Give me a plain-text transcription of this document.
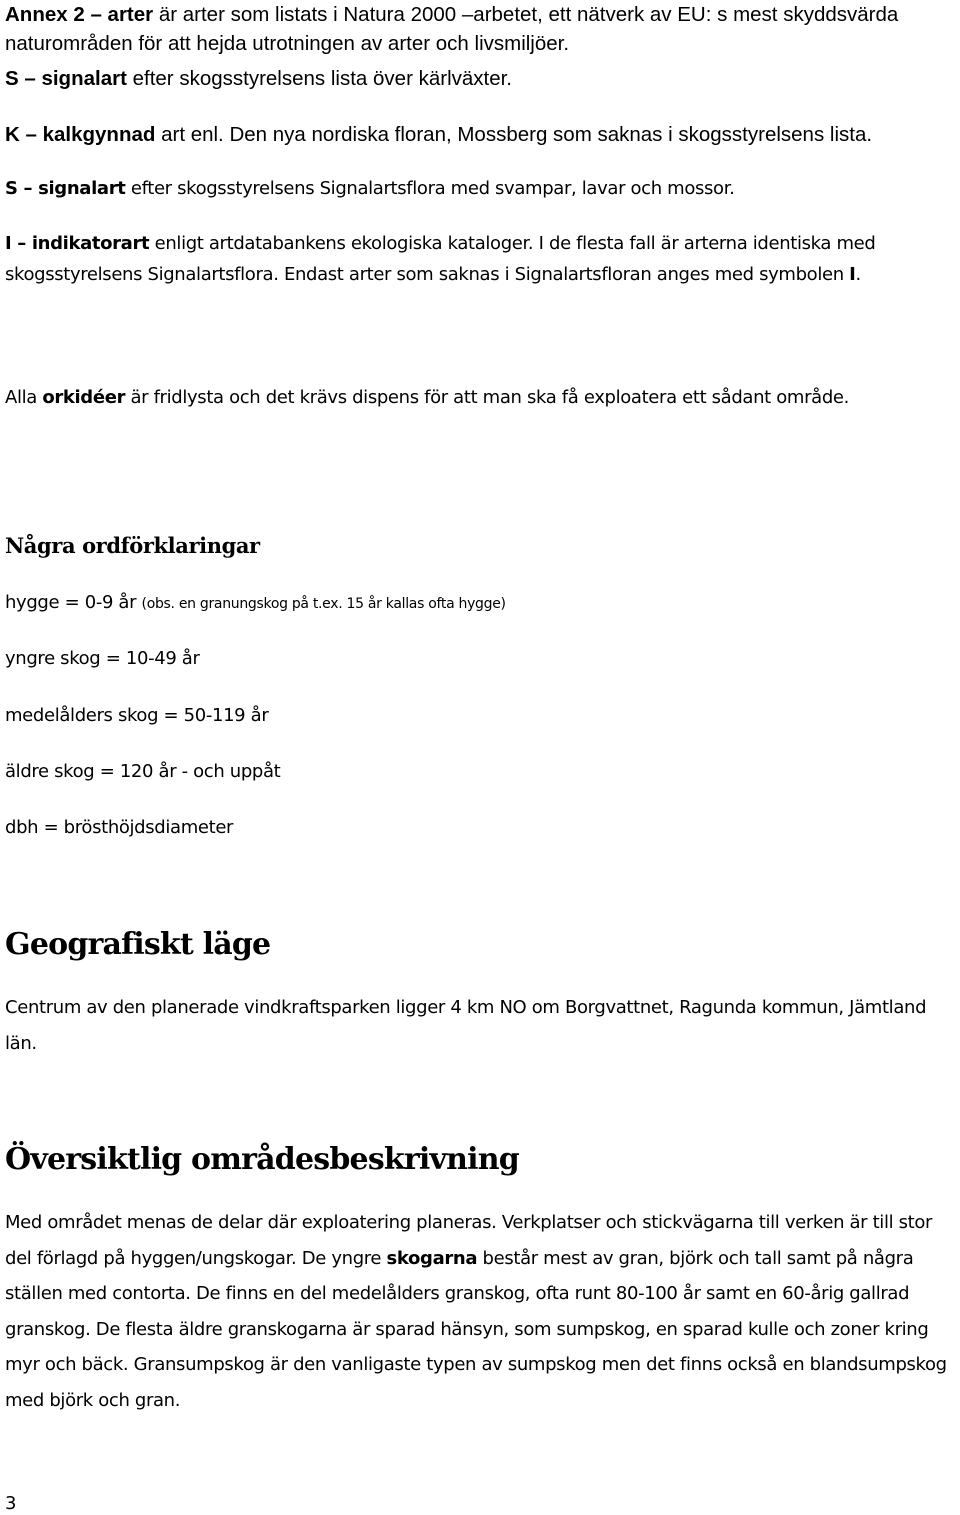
Annex 2 – arter är arter som listats i Natura 2000 –arbetet, ett nätverk av EU: s mest skyddsvärda naturområden för att hejda utrotningen av arter och livsmiljöer.

S – signalart efter skogsstyrelsens lista över kärlväxter.

K – kalkgynnad art enl. Den nya nordiska floran, Mossberg som saknas i skogsstyrelsens lista.

S – signalart efter skogsstyrelsens Signalartsflora med svampar, lavar och mossor.

I – indikatorart enligt artdatabankens ekologiska kataloger. I de flesta fall är arterna identiska med skogsstyrelsens Signalartsflora. Endast arter som saknas i Signalartsfloran anges med symbolen I.

Alla orkidéer är fridlysta och det krävs dispens för att man ska få exploatera ett sådant område.

Några ordförklaringar

hygge = 0-9 år (obs. en granungskog på t.ex. 15 år kallas ofta hygge)

yngre skog = 10-49 år

medelålders skog = 50-119 år

äldre skog = 120 år - och uppåt

dbh = brösthöjdsdiameter

Geografiskt läge

Centrum av den planerade vindkraftsparken ligger 4 km NO om Borgvattnet, Ragunda kommun, Jämtland län.

Översiktlig områdesbeskrivning

Med området menas de delar där exploatering planeras. Verkplatser och stickvägarna till verken är till stor del förlagd på hyggen/ungskogar. De yngre skogarna består mest av gran, björk och tall samt på några ställen med contorta. De finns en del medelålders granskog, ofta runt 80-100 år samt en 60-årig gallrad granskog. De flesta äldre granskogarna är sparad hänsyn, som sumpskog, en sparad kulle och zoner kring myr och bäck. Gransumpskog är den vanligaste typen av sumpskog men det finns också en blandsumpskog med björk och gran.

3
